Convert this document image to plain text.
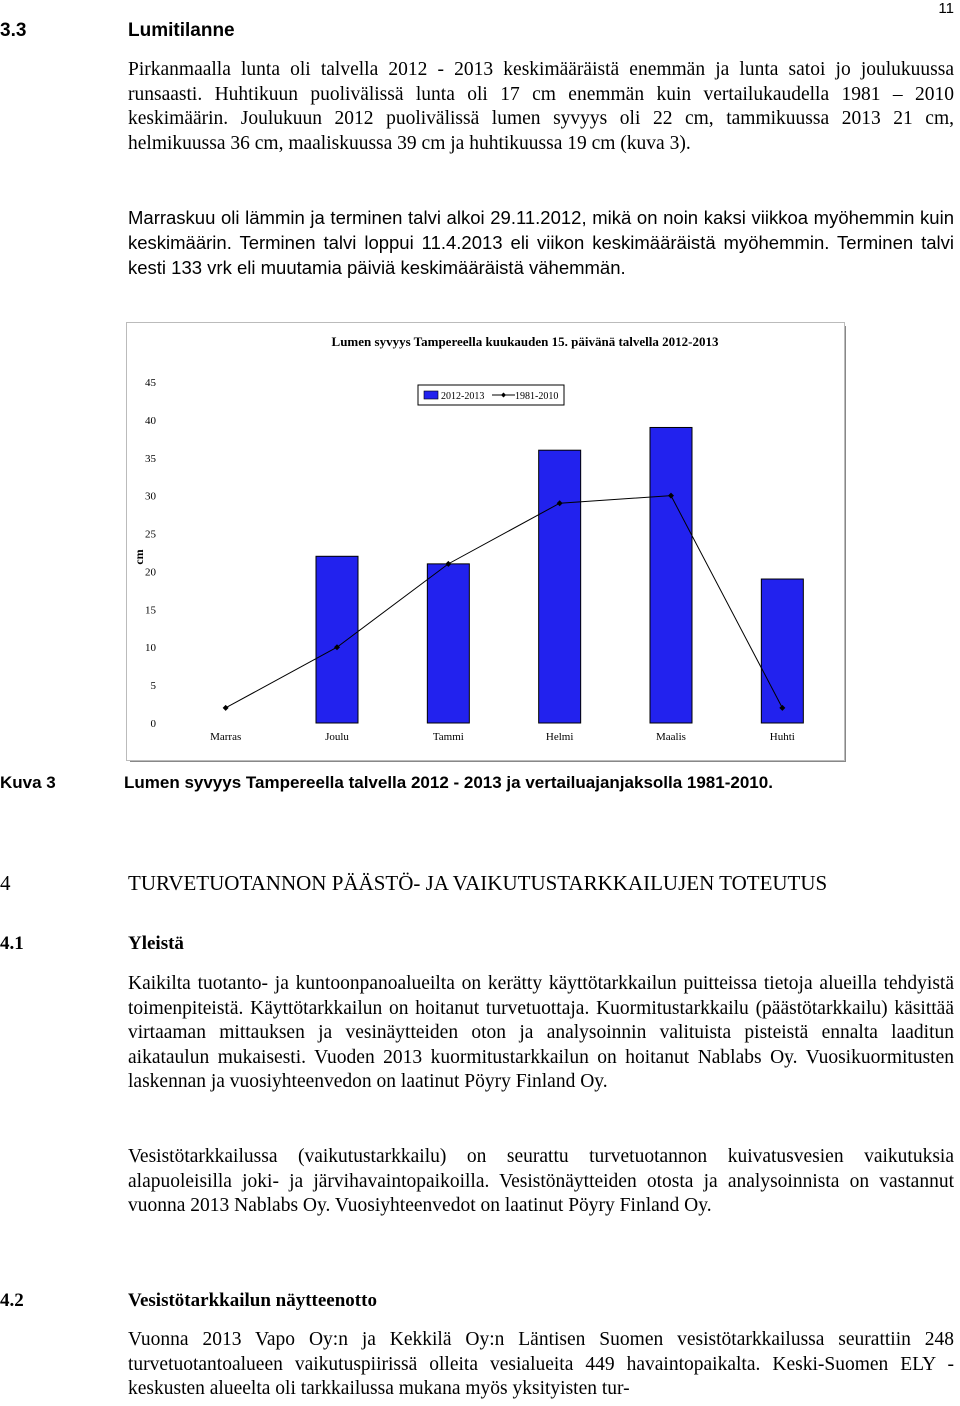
11
3.3	Lumitilanne

Pirkanmaalla lunta oli talvella 2012 - 2013 keskimääräistä enemmän ja lunta satoi jo joulukuussa runsaasti. Huhtikuun puolivälissä lunta oli 17 cm enemmän kuin vertailukaudella 1981 – 2010 keskimäärin. Joulukuun 2012 puolivälissä lumen syvyys oli 22 cm, tammikuussa 2013 21 cm, helmikuussa 36 cm, maaliskuussa 39 cm ja huhtikuussa 19 cm (kuva 3).

Marraskuu oli lämmin ja terminen talvi alkoi 29.11.2012, mikä on noin kaksi viikkoa myöhemmin kuin keskimäärin. Terminen talvi loppui 11.4.2013 eli viikon keskimääräistä myöhemmin. Terminen talvi kesti 133 vrk eli muutamia päiviä keskimääräistä vähemmän.

Lumen syvyys Tampereella kuukauden 15. päivänä talvella 2012-2013
cm
0
5
10
15
20
25
30
35
40
45
Marras	Joulu	Tammi	Helmi	Maalis	Huhti
2012-2013	1981-2010
Kuva 3	Lumen syvyys Tampereella talvella 2012 - 2013 ja vertailuajanjaksolla 1981-2010.
4	TURVETUOTANNON PÄÄSTÖ- JA VAIKUTUSTARKKAILUJEN TOTEUTUS
4.1	Yleistä

Kaikilta tuotanto- ja kuntoonpanoalueilta on kerätty käyttötarkkailun puitteissa tietoja alueilla tehdyistä toimenpiteistä. Käyttötarkkailun on hoitanut turvetuottaja. Kuormitustarkkailu (päästötarkkailu) käsittää virtaaman mittauksen ja vesinäytteiden oton ja analysoinnin valituista pisteistä ennalta laaditun aikataulun mukaisesti. Vuoden 2013 kuormitustarkkailun on hoitanut Nablabs Oy. Vuosikuormitusten laskennan ja vuosiyhteenvedon on laatinut Pöyry Finland Oy.

Vesistötarkkailussa (vaikutustarkkailu) on seurattu turvetuotannon kuivatusvesien vaikutuksia alapuoleisilla joki- ja järvihavaintopaikoilla. Vesistönäytteiden otosta ja analysoinnista on vastannut vuonna 2013 Nablabs Oy. Vuosiyhteenvedot on laatinut Pöyry Finland Oy.

4.2	Vesistötarkkailun näytteenotto

Vuonna 2013 Vapo Oy:n ja Kekkilä Oy:n Läntisen Suomen vesistötarkkailussa seurattiin 248 turvetuotantoalueen vaikutuspiirissä olleita vesialueita 449 havaintopaikalta. Keski-Suomen ELY -keskusten alueelta oli tarkkailussa mukana myös yksityisten tur-
